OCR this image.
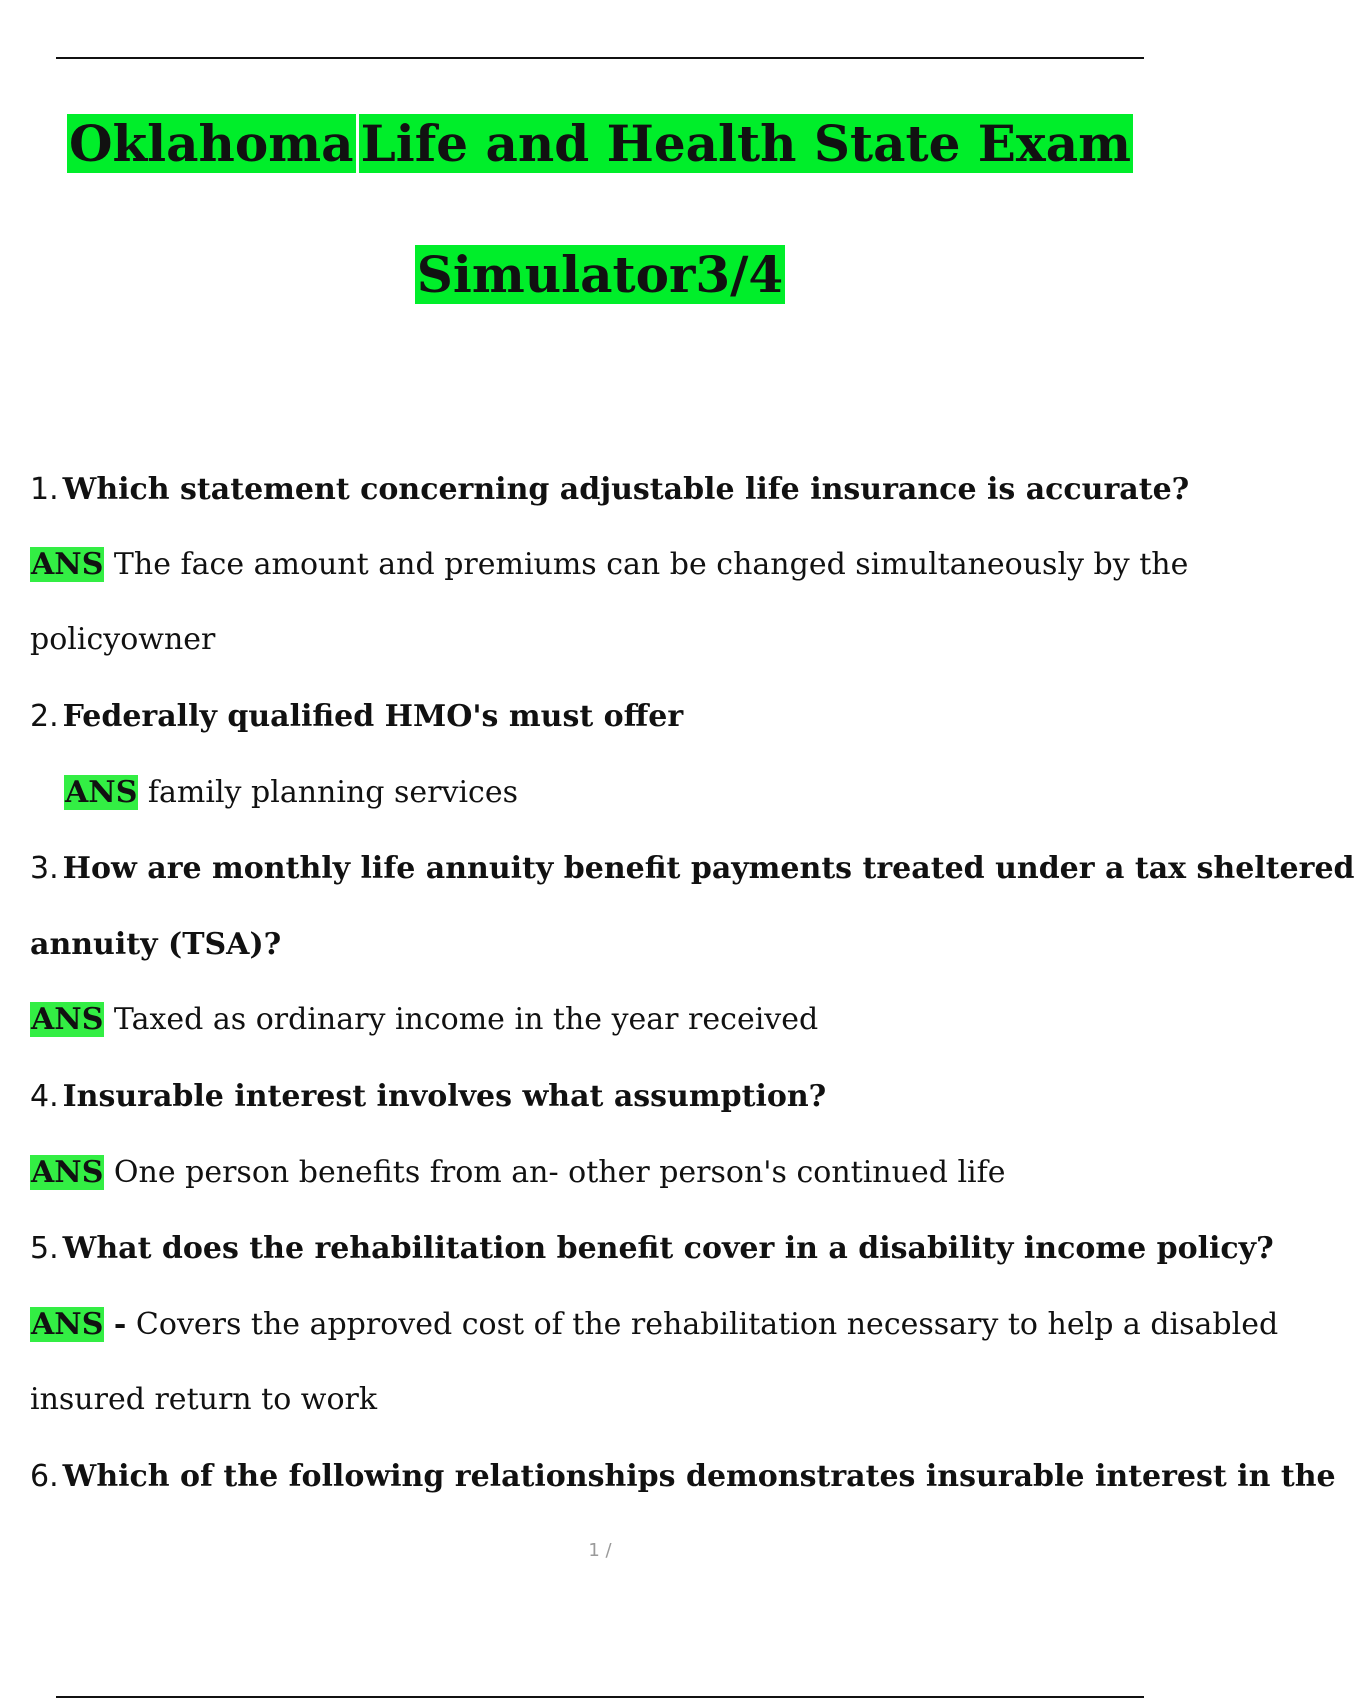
Oklahoma Life and Health State Exam
Simulator3/4
1. Which statement concerning adjustable life insurance is accurate?
ANS The face amount and premiums can be changed simultaneously by the
policyowner
2. Federally qualified HMO's must offer
ANS family planning services
3. How are monthly life annuity benefit payments treated under a tax sheltered
annuity (TSA)?
ANS Taxed as ordinary income in the year received
4. Insurable interest involves what assumption?
ANS One person benefits from an- other person's continued life
5. What does the rehabilitation benefit cover in a disability income policy?
ANS - Covers the approved cost of the rehabilitation necessary to help a disabled
insured return to work
6. Which of the following relationships demonstrates insurable interest in the
1 /
